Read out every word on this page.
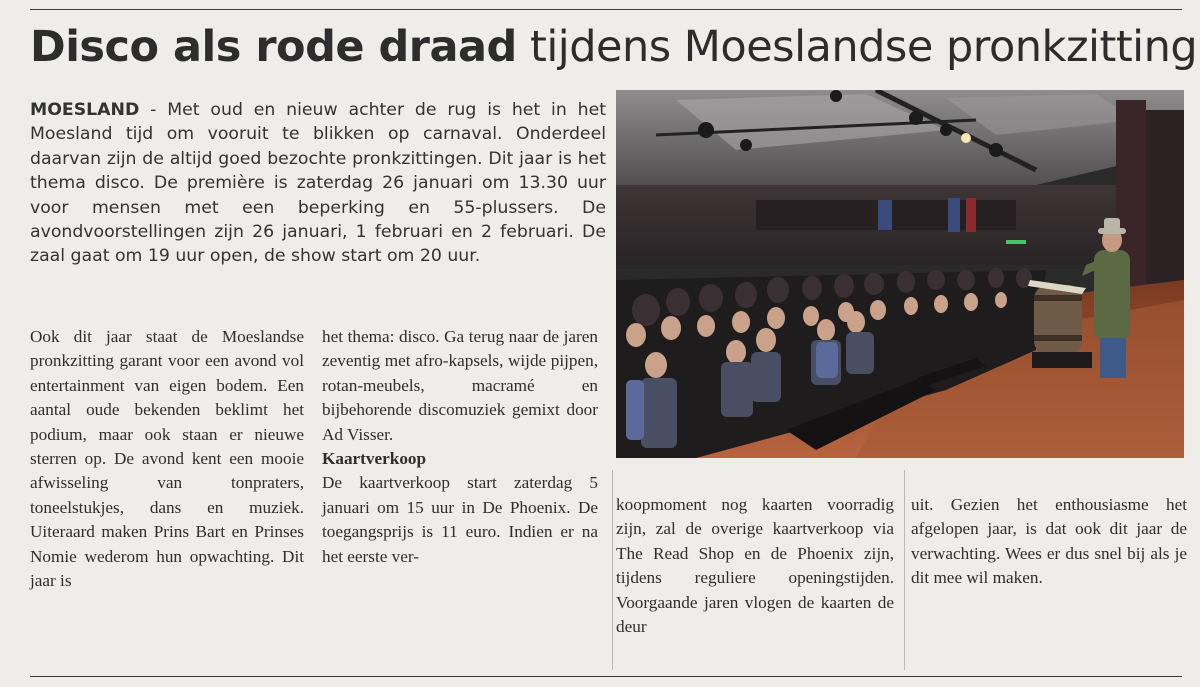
Disco als rode draad tijdens Moeslandse pronkzitting
MOESLAND - Met oud en nieuw achter de rug is het in het Moesland tijd om vooruit te blikken op carnaval. Onderdeel daarvan zijn de altijd goed bezochte pronkzittingen. Dit jaar is het thema disco. De première is zaterdag 26 januari om 13.30 uur voor mensen met een beperking en 55-plussers. De avondvoorstellingen zijn 26 januari, 1 februari en 2 februari. De zaal gaat om 19 uur open, de show start om 20 uur.

Ook dit jaar staat de Moeslandse pronkzitting garant voor een avond vol entertainment van eigen bodem. Een aantal oude bekenden beklimt het podium, maar ook staan er nieuwe sterren op. De avond kent een mooie afwisseling van tonpraters, toneelstukjes, dans en muziek. Uiteraard maken Prins Bart en Prinses Nomie wederom hun opwachting. Dit jaar is

het thema: disco. Ga terug naar de jaren zeventig met afro-kapsels, wijde pijpen, rotan-meubels, macramé en bijbehorende discomuziek gemixt door Ad Visser.

Kaartverkoop

De kaartverkoop start zaterdag 5 januari om 15 uur in De Phoenix. De toegangsprijs is 11 euro. Indien er na het eerste ver-

koopmoment nog kaarten voorradig zijn, zal de overige kaartverkoop via The Read Shop en de Phoenix zijn, tijdens reguliere openingstijden. Voorgaande jaren vlogen de kaarten de deur

uit. Gezien het enthousiasme het afgelopen jaar, is dat ook dit jaar de verwachting. Wees er dus snel bij als je dit mee wil maken.
